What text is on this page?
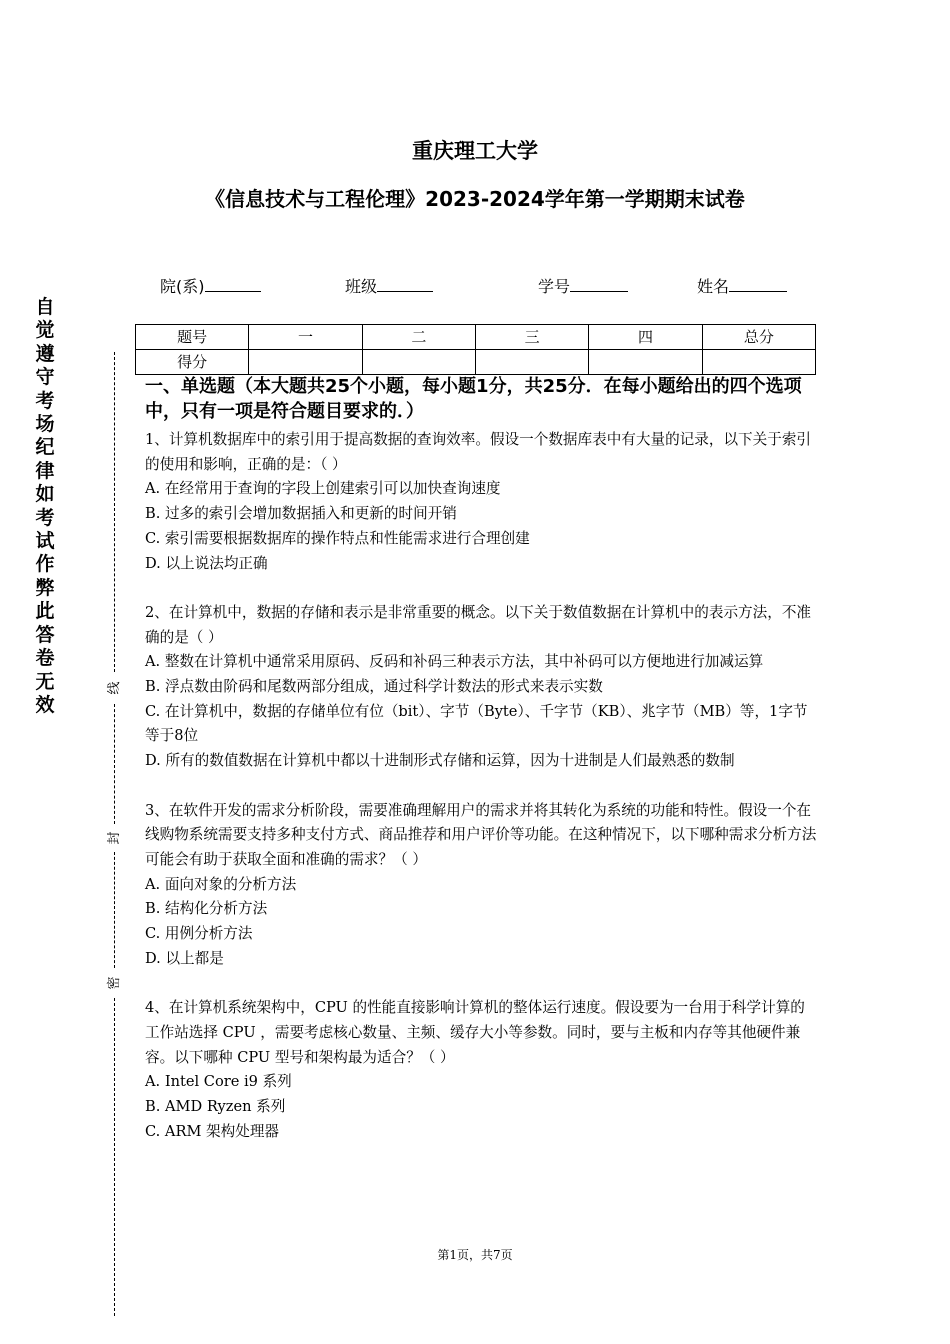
重庆理工大学
《信息技术与工程伦理》2023-2024学年第一学期期末试卷
院(系)	班级	学号	姓名
题号	一	二	三	四	总分
得分					
自觉遵守考场纪律如考试作弊此答卷无效
线
封
密

一、单选题（本大题共25个小题，每小题1分，共25分．在每小题给出的四个选项中，只有一项是符合题目要求的．）

1、计算机数据库中的索引用于提高数据的查询效率。假设一个数据库表中有大量的记录，以下关于索引的使用和影响，正确的是：（ ）

A. 在经常用于查询的字段上创建索引可以加快查询速度

B. 过多的索引会增加数据插入和更新的时间开销

C. 索引需要根据数据库的操作特点和性能需求进行合理创建

D. 以上说法均正确

2、在计算机中，数据的存储和表示是非常重要的概念。以下关于数值数据在计算机中的表示方法，不准确的是（ ）

A. 整数在计算机中通常采用原码、反码和补码三种表示方法，其中补码可以方便地进行加减运算

B. 浮点数由阶码和尾数两部分组成，通过科学计数法的形式来表示实数

C. 在计算机中，数据的存储单位有位（bit）、字节（Byte）、千字节（KB）、兆字节（MB）等，1字节等于8位

D. 所有的数值数据在计算机中都以十进制形式存储和运算，因为十进制是人们最熟悉的数制

3、在软件开发的需求分析阶段，需要准确理解用户的需求并将其转化为系统的功能和特性。假设一个在线购物系统需要支持多种支付方式、商品推荐和用户评价等功能。在这种情况下，以下哪种需求分析方法可能会有助于获取全面和准确的需求？（ ）

A. 面向对象的分析方法

B. 结构化分析方法

C. 用例分析方法

D. 以上都是

4、在计算机系统架构中，CPU 的性能直接影响计算机的整体运行速度。假设要为一台用于科学计算的工作站选择 CPU ，需要考虑核心数量、主频、缓存大小等参数。同时，要与主板和内存等其他硬件兼容。以下哪种 CPU 型号和架构最为适合？（ ）

A. Intel Core i9 系列

B. AMD Ryzen 系列

C. ARM 架构处理器

第1页，共7页
